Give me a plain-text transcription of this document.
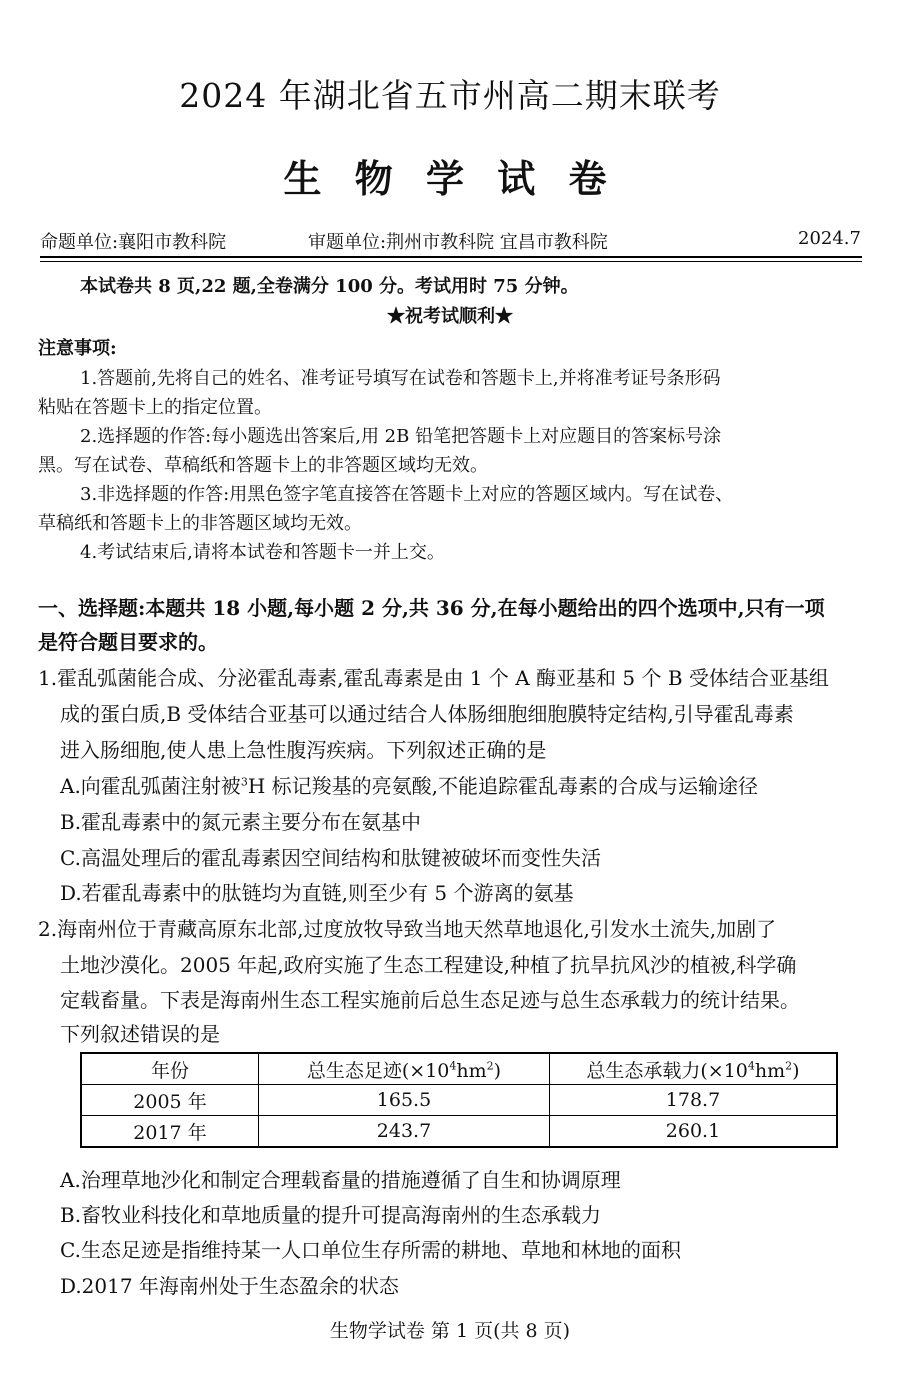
2024 年湖北省五市州高二期末联考
生 物 学 试 卷
命题单位:襄阳市教科院	审题单位:荆州市教科院 宜昌市教科院	2024.7
本试卷共 8 页,22 题,全卷满分 100 分。考试用时 75 分钟。
★祝考试顺利★
注意事项:
1.答题前,先将自己的姓名、准考证号填写在试卷和答题卡上,并将准考证号条形码
粘贴在答题卡上的指定位置。
2.选择题的作答:每小题选出答案后,用 2B 铅笔把答题卡上对应题目的答案标号涂
黑。写在试卷、草稿纸和答题卡上的非答题区域均无效。
3.非选择题的作答:用黑色签字笔直接答在答题卡上对应的答题区域内。写在试卷、
草稿纸和答题卡上的非答题区域均无效。
4.考试结束后,请将本试卷和答题卡一并上交。
一、选择题:本题共 18 小题,每小题 2 分,共 36 分,在每小题给出的四个选项中,只有一项
是符合题目要求的。
1.霍乱弧菌能合成、分泌霍乱毒素,霍乱毒素是由 1 个 A 酶亚基和 5 个 B 受体结合亚基组
成的蛋白质,B 受体结合亚基可以通过结合人体肠细胞细胞膜特定结构,引导霍乱毒素
进入肠细胞,使人患上急性腹泻疾病。下列叙述正确的是
A.向霍乱弧菌注射被$^3$H 标记羧基的亮氨酸,不能追踪霍乱毒素的合成与运输途径
B.霍乱毒素中的氮元素主要分布在氨基中
C.高温处理后的霍乱毒素因空间结构和肽键被破坏而变性失活
D.若霍乱毒素中的肽链均为直链,则至少有 5 个游离的氨基
2.海南州位于青藏高原东北部,过度放牧导致当地天然草地退化,引发水土流失,加剧了
土地沙漠化。2005 年起,政府实施了生态工程建设,种植了抗旱抗风沙的植被,科学确
定载畜量。下表是海南州生态工程实施前后总生态足迹与总生态承载力的统计结果。
下列叙述错误的是
年份	总生态足迹$(\times 10^4hm^2)$	总生态承载力$(\times 10^4hm^2)$
2005 年	165.5	178.7
2017 年	243.7	260.1
A.治理草地沙化和制定合理载畜量的措施遵循了自生和协调原理
B.畜牧业科技化和草地质量的提升可提高海南州的生态承载力
C.生态足迹是指维持某一人口单位生存所需的耕地、草地和林地的面积
D.2017 年海南州处于生态盈余的状态
生物学试卷 第 1 页(共 8 页)
